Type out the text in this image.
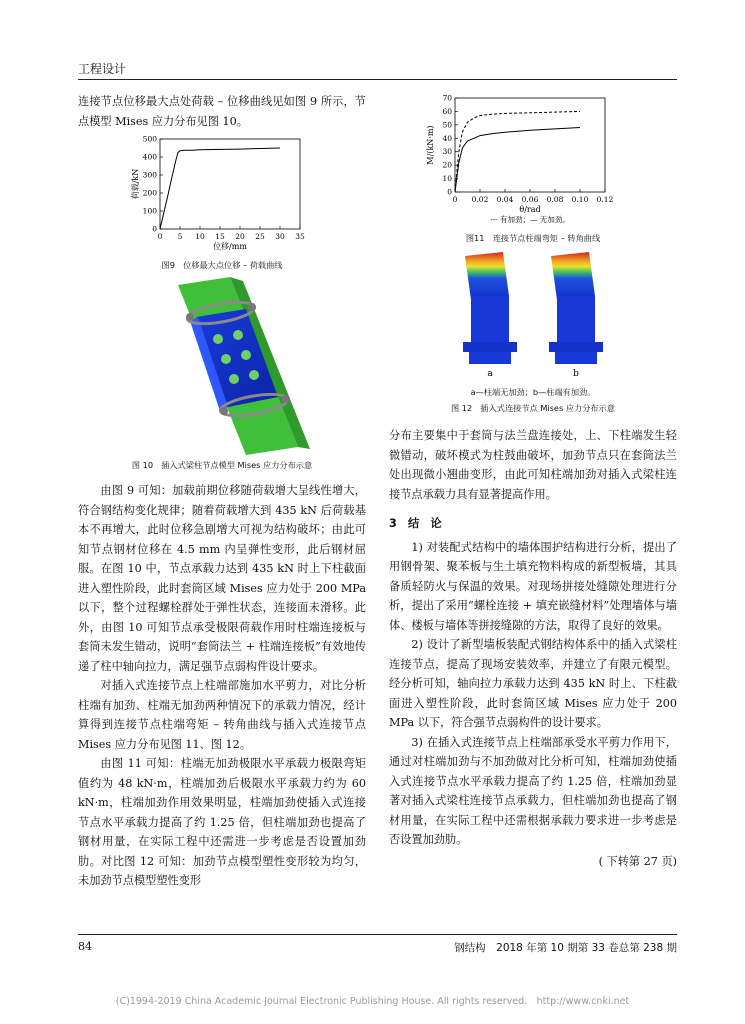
工程设计

连接节点位移最大点处荷载 – 位移曲线见如图 9 所示，节点模型 Mises 应力分布见图 10。

0 5 10 15 20 25 30 35
0
100
200
300
400
500
位移/mm
荷载/kN
图9　位移最大点位移 – 荷载曲线
图 10　插入式梁柱节点模型 Mises 应力分布示意

由图 9 可知：加载前期位移随荷载增大呈线性增大，符合钢结构变化规律；随着荷载增大到 435 kN 后荷载基本不再增大，此时位移急剧增大可视为结构破坏；由此可知节点钢材位移在 4.5 mm 内呈弹性变形，此后钢材屈服。在图 10 中，节点承载力达到 435 kN 时上下柱截面进入塑性阶段，此时套筒区域 Mises 应力处于 200 MPa 以下，整个过程螺栓群处于弹性状态，连接面未滑移。此外，由图 10 可知节点承受极限荷载作用时柱端连接板与套筒未发生错动，说明“套筒法兰 + 柱端连接板”有效地传递了柱中轴向拉力，满足强节点弱构件设计要求。

对插入式连接节点上柱端部施加水平剪力，对比分析柱端有加劲、柱端无加劲两种情况下的承载力情况，经计算得到连接节点柱端弯矩 – 转角曲线与插入式连接节点 Mises 应力分布见图 11、图 12。

由图 11 可知：柱端无加劲极限水平承载力极限弯矩值约为 48 kN·m，柱端加劲后极限水平承载力约为 60 kN·m，柱端加劲作用效果明显，柱端加劲使插入式连接节点水平承载力提高了约 1.25 倍，但柱端加劲也提高了钢材用量，在实际工程中还需进一步考虑是否设置加劲肋。对比图 12 可知：加劲节点模型塑性变形较为均匀，未加劲节点模型塑性变形

0 0.02 0.04 0.06 0.08 0.10 0.12
0
10
20
30
40
50
60
70
θ/rad
M/(kN·m)
--- 有加劲；— 无加劲。
图11　连接节点柱端弯矩 – 转角曲线
a	b
a—柱端无加劲；b—柱端有加劲。
图 12　插入式连接节点 Mises 应力分布示意

分布主要集中于套筒与法兰盘连接处，上、下柱端发生轻微错动，破坏模式为柱鼓曲破坏，加劲节点只在套筒法兰处出现微小翘曲变形，由此可知柱端加劲对插入式梁柱连接节点承载力具有显著提高作用。

3　结　论

1) 对装配式结构中的墙体围护结构进行分析，提出了用钢骨架、聚苯板与生土填充物料构成的新型板墙，其具备质轻防火与保温的效果。对现场拼接处缝隙处理进行分析，提出了采用“螺栓连接 + 填充嵌缝材料”处理墙体与墙体、楼板与墙体等拼接缝隙的方法，取得了良好的效果。

2) 设计了新型墙板装配式钢结构体系中的插入式梁柱连接节点，提高了现场安装效率，并建立了有限元模型。经分析可知，轴向拉力承载力达到 435 kN 时上、下柱截面进入塑性阶段，此时套筒区域 Mises 应力处于 200 MPa 以下，符合强节点弱构件的设计要求。

3) 在插入式连接节点上柱端部承受水平剪力作用下，通过对柱端加劲与不加劲做对比分析可知，柱端加劲使插入式连接节点水平承载力提高了约 1.25 倍，柱端加劲显著对插入式梁柱连接节点承载力，但柱端加劲也提高了钢材用量，在实际工程中还需根据承载力要求进一步考虑是否设置加劲肋。

( 下转第 27 页)
84	钢结构　2018 年第 10 期第 33 卷总第 238 期
(C)1994-2019 China Academic Journal Electronic Publishing House. All rights reserved.　http://www.cnki.net
